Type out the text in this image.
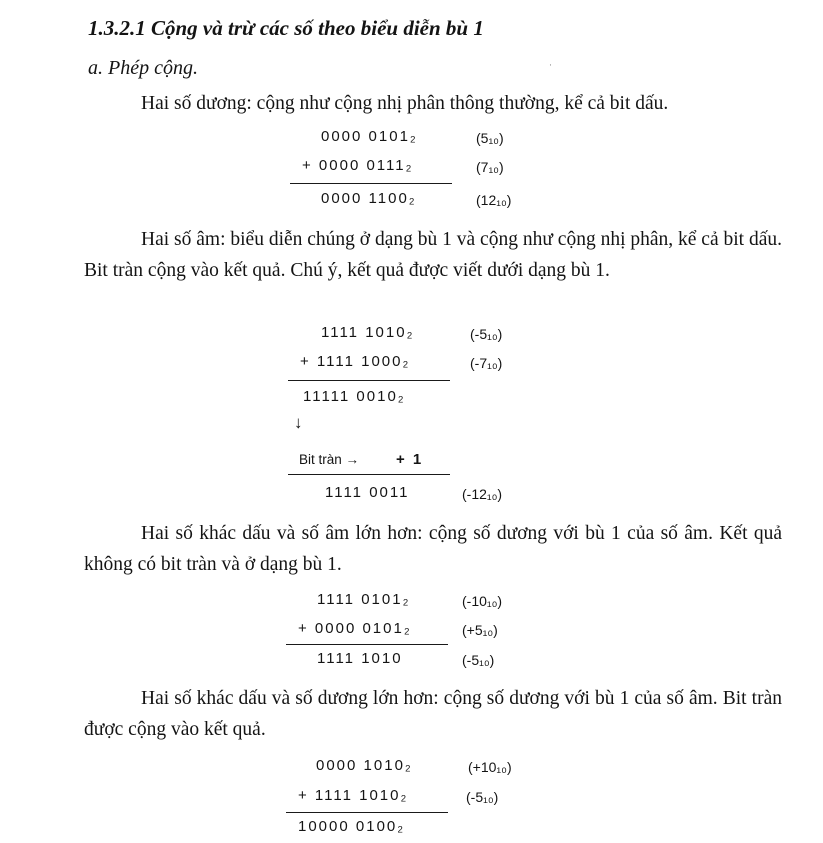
1.3.2.1 Cộng và trừ các số theo biểu diễn bù 1
a. Phép cộng.	·
Hai số dương: cộng như cộng nhị phân thông thường, kể cả bit dấu.
0000 0101₂	(5₁₀)
+ 0000 0111₂	(7₁₀)
0000 1100₂	(12₁₀)
Hai số âm: biểu diễn chúng ở dạng bù 1 và cộng như cộng nhị phân, kể cả bit dấu. Bit tràn cộng vào kết quả. Chú ý, kết quả được viết dưới dạng bù 1.
1111 1010₂	(-5₁₀)
+ 1111 1000₂	(-7₁₀)
11111 0010₂
↓
Bit tràn → + 1
1111 0011	(-12₁₀)
Hai số khác dấu và số âm lớn hơn: cộng số dương với bù 1 của số âm. Kết quả không có bit tràn và ở dạng bù 1.
1111 0101₂	(-10₁₀)
+ 0000 0101₂	(+5₁₀)
1111 1010	(-5₁₀)
Hai số khác dấu và số dương lớn hơn: cộng số dương với bù 1 của số âm. Bit tràn được cộng vào kết quả.
0000 1010₂	(+10₁₀)
+ 1111 1010₂	(-5₁₀)
10000 0100₂
